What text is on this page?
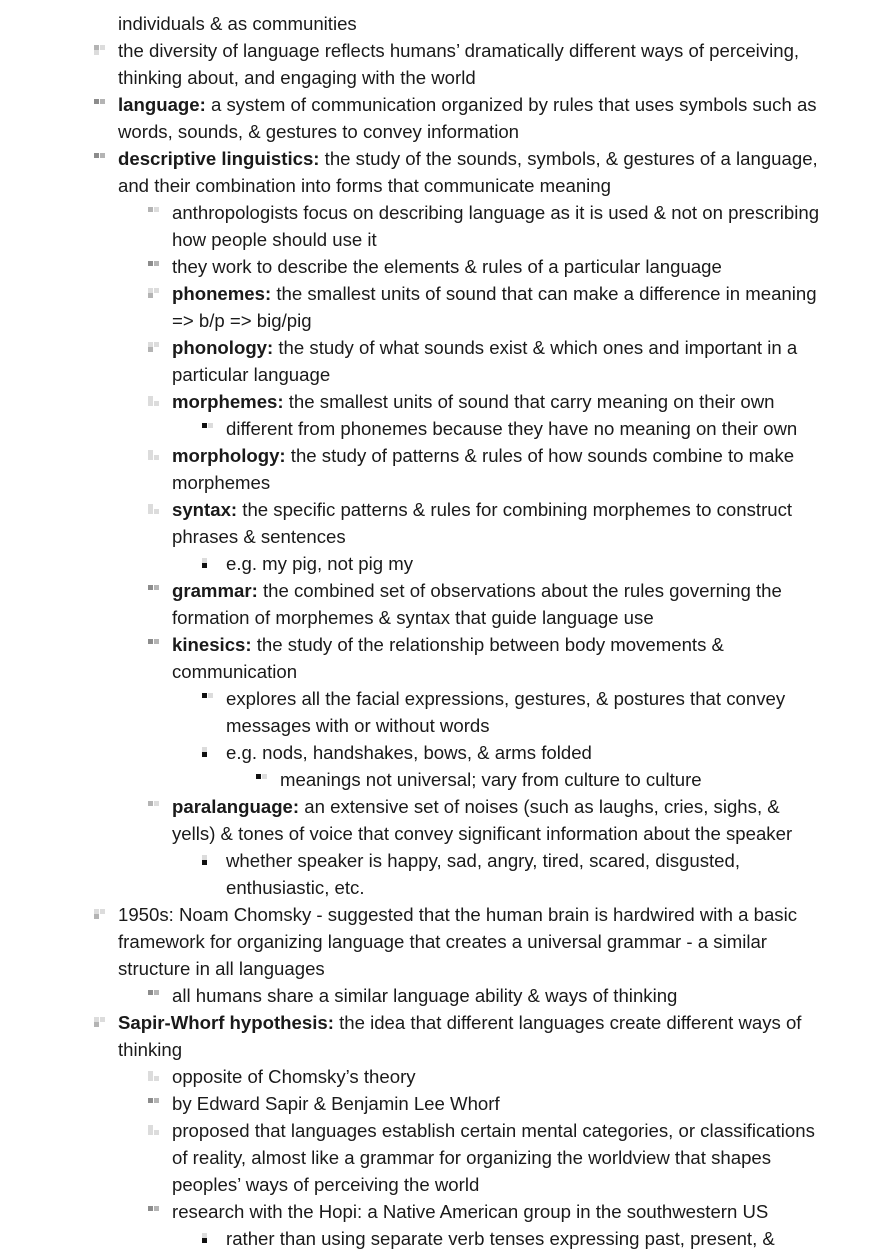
individuals & as communities
the diversity of language reflects humans’ dramatically different ways of perceiving, thinking about, and engaging with the world
language: a system of communication organized by rules that uses symbols such as words, sounds, & gestures to convey information
descriptive linguistics: the study of the sounds, symbols, & gestures of a language, and their combination into forms that communicate meaning
anthropologists focus on describing language as it is used & not on prescribing how people should use it
they work to describe the elements & rules of a particular language
phonemes: the smallest units of sound that can make a difference in meaning => b/p => big/pig
phonology: the study of what sounds exist & which ones and important in a particular language
morphemes: the smallest units of sound that carry meaning on their own
different from phonemes because they have no meaning on their own
morphology: the study of patterns & rules of how sounds combine to make morphemes
syntax: the specific patterns & rules for combining morphemes to construct phrases & sentences
e.g. my pig, not pig my
grammar: the combined set of observations about the rules governing the formation of morphemes & syntax that guide language use
kinesics: the study of the relationship between body movements & communication
explores all the facial expressions, gestures, & postures that convey messages with or without words
e.g. nods, handshakes, bows, & arms folded
meanings not universal; vary from culture to culture
paralanguage: an extensive set of noises (such as laughs, cries, sighs, & yells) & tones of voice that convey significant information about the speaker
whether speaker is happy, sad, angry, tired, scared, disgusted, enthusiastic, etc.
1950s: Noam Chomsky - suggested that the human brain is hardwired with a basic framework for organizing language that creates a universal grammar - a similar structure in all languages
all humans share a similar language ability & ways of thinking
Sapir-Whorf hypothesis: the idea that different languages create different ways of thinking
opposite of Chomsky’s theory
by Edward Sapir & Benjamin Lee Whorf
proposed that languages establish certain mental categories, or classifications of reality, almost like a grammar for organizing the worldview that shapes peoples’ ways of perceiving the world
research with the Hopi: a Native American group in the southwestern US
rather than using separate verb tenses expressing past, present, &
